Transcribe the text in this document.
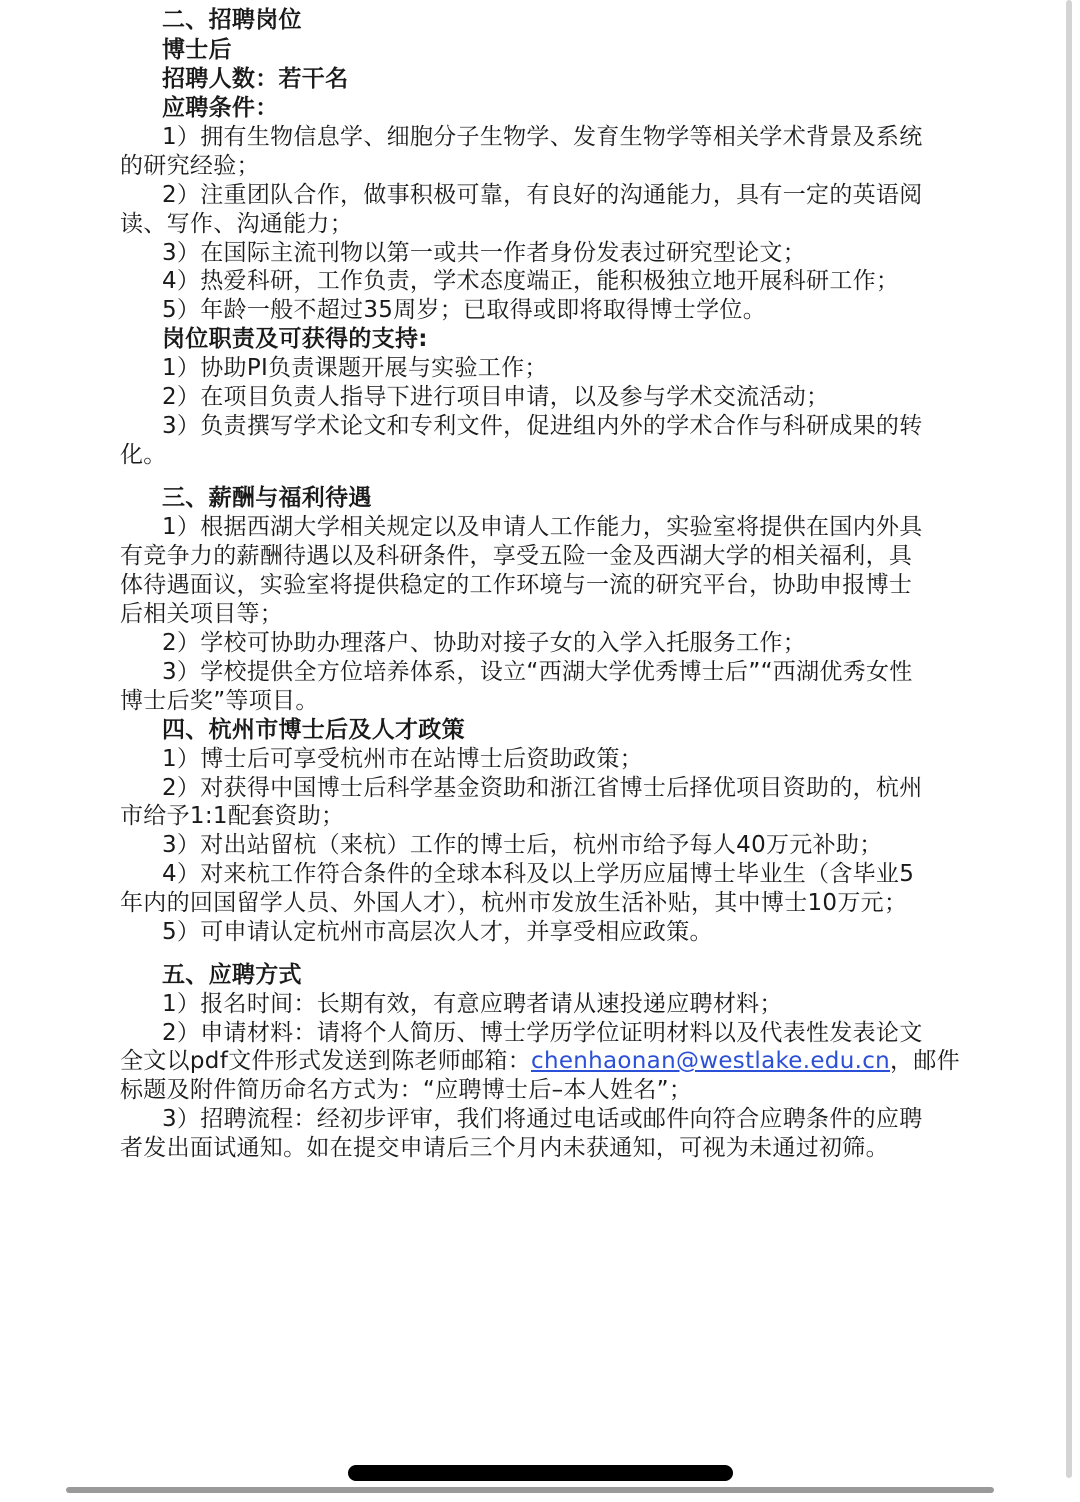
二、招聘岗位
博士后
招聘人数：若干名
应聘条件：
1）拥有生物信息学、细胞分子生物学、发育生物学等相关学术背景及系统
的研究经验；
2）注重团队合作，做事积极可靠，有良好的沟通能力，具有一定的英语阅
读、写作、沟通能力；
3）在国际主流刊物以第一或共一作者身份发表过研究型论文；
4）热爱科研，工作负责，学术态度端正，能积极独立地开展科研工作；
5）年龄一般不超过35周岁；已取得或即将取得博士学位。
岗位职责及可获得的支持:
1）协助PI负责课题开展与实验工作；
2）在项目负责人指导下进行项目申请，以及参与学术交流活动；
3）负责撰写学术论文和专利文件，促进组内外的学术合作与科研成果的转
化。
三、薪酬与福利待遇
1）根据西湖大学相关规定以及申请人工作能力，实验室将提供在国内外具
有竞争力的薪酬待遇以及科研条件，享受五险一金及西湖大学的相关福利，具
体待遇面议，实验室将提供稳定的工作环境与一流的研究平台，协助申报博士
后相关项目等；
2）学校可协助办理落户、协助对接子女的入学入托服务工作；
3）学校提供全方位培养体系，设立“西湖大学优秀博士后”“西湖优秀女性
博士后奖”等项目。
四、杭州市博士后及人才政策
1）博士后可享受杭州市在站博士后资助政策；
2）对获得中国博士后科学基金资助和浙江省博士后择优项目资助的，杭州
市给予1:1配套资助；
3）对出站留杭（来杭）工作的博士后，杭州市给予每人40万元补助；
4）对来杭工作符合条件的全球本科及以上学历应届博士毕业生（含毕业5
年内的回国留学人员、外国人才），杭州市发放生活补贴，其中博士10万元；
5）可申请认定杭州市高层次人才，并享受相应政策。
五、应聘方式
1）报名时间：长期有效，有意应聘者请从速投递应聘材料；
2）申请材料：请将个人简历、博士学历学位证明材料以及代表性发表论文
全文以pdf文件形式发送到陈老师邮箱：chenhaonan@westlake.edu.cn，邮件
标题及附件简历命名方式为：“应聘博士后–本人姓名”；
3）招聘流程：经初步评审，我们将通过电话或邮件向符合应聘条件的应聘
者发出面试通知。如在提交申请后三个月内未获通知，可视为未通过初筛。
